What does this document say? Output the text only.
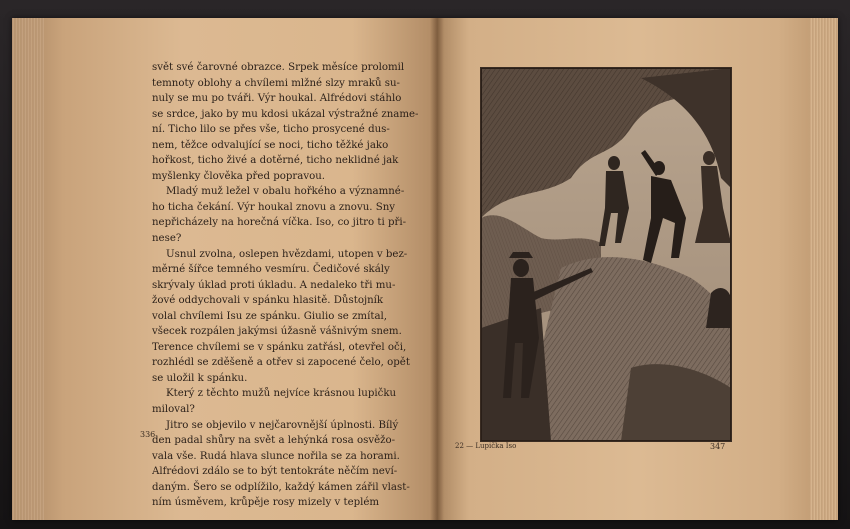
svět své čarovné obrazce. Srpek měsíce prolomil
temnoty oblohy a chvílemi mlžné slzy mraků su-
nuly se mu po tváři. Výr houkal. Alfrédovi stáhlo
se srdce, jako by mu kdosi ukázal výstražné zname-
ní. Ticho lilo se přes vše, ticho prosycené dus-
nem, těžce odvalující se noci, ticho těžké jako
hořkost, ticho živé a dotěrné, ticho neklidné jak
myšlenky člověka před popravou.
Mladý muž ležel v obalu hořkého a významné-
ho ticha čekání. Výr houkal znovu a znovu. Sny
nepřicházely na horečná víčka. Iso, co jitro ti při-
nese?
Usnul zvolna, oslepen hvězdami, utopen v bez-
měrné šířce temného vesmíru. Čedičové skály
skrývaly úklad proti úkladu. A nedaleko tři mu-
žové oddychovali v spánku hlasitě. Důstojník
volal chvílemi Isu ze spánku. Giulio se zmítal,
všecek rozpálen jakýmsi úžasně vášnivým snem.
Terence chvílemi se v spánku zatřásl, otevřel oči,
rozhlédl se zděšeně a otřev si zapocené čelo, opět
se uložil k spánku.
Který z těchto mužů nejvíce krásnou lupičku
miloval?
Jitro se objevilo v nejčarovnější úplnosti. Bílý
den padal shůry na svět a lehýnká rosa osvěžo-
vala vše. Rudá hlava slunce nořila se za horami.
Alfrédovi zdálo se to být tentokráte něčím neví-
daným. Šero se odplížilo, každý kámen zářil vlast-
ním úsměvem, krůpěje rosy mizely v teplém
336
347
22 — Lupička Iso
